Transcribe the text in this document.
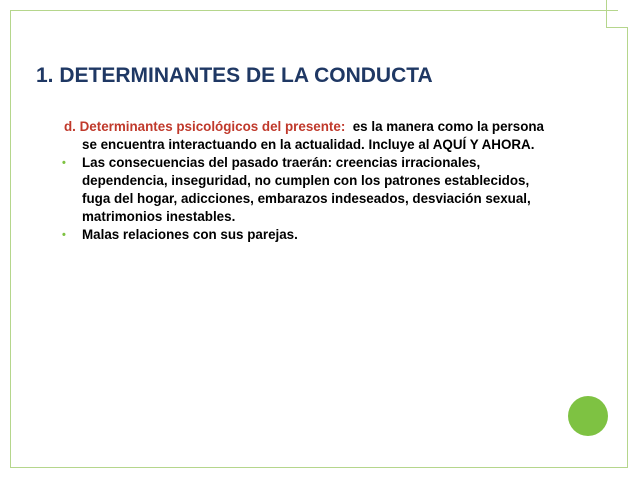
1. DETERMINANTES DE LA CONDUCTA

d. Determinantes psicológicos del presente: es la manera como la persona se encuentra interactuando en la actualidad. Incluye al AQUÍ Y AHORA.

• Las consecuencias del pasado traerán: creencias irracionales, dependencia, inseguridad, no cumplen con los patrones establecidos, fuga del hogar, adicciones, embarazos indeseados, desviación sexual, matrimonios inestables.

• Malas relaciones con sus parejas.
